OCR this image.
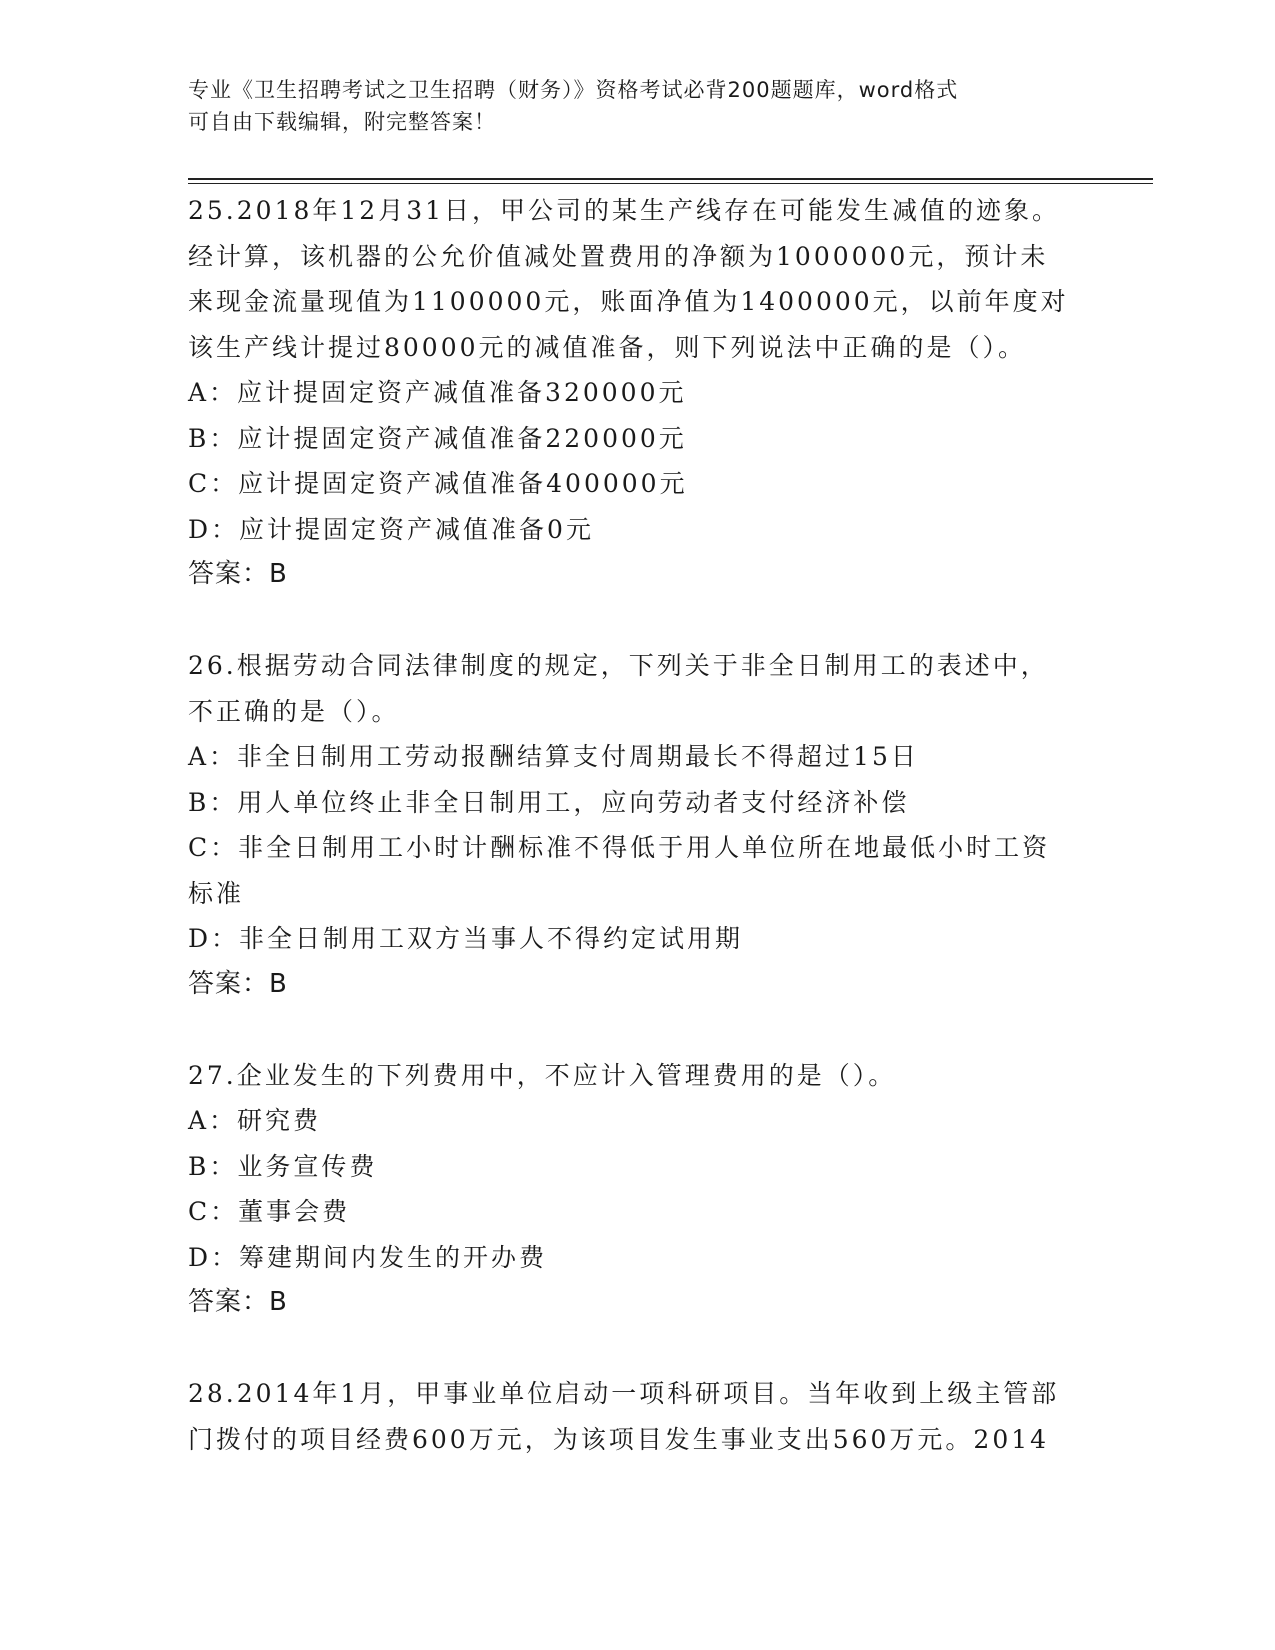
专业《卫生招聘考试之卫生招聘（财务）》资格考试必背200题题库，word格式
可自由下载编辑，附完整答案！
25.2018年12月31日，甲公司的某生产线存在可能发生减值的迹象。
经计算，该机器的公允价值减处置费用的净额为1000000元，预计未
来现金流量现值为1100000元，账面净值为1400000元，以前年度对
该生产线计提过80000元的减值准备，则下列说法中正确的是（）。
A：应计提固定资产减值准备320000元
B：应计提固定资产减值准备220000元
C：应计提固定资产减值准备400000元
D：应计提固定资产减值准备0元
答案：B
26.根据劳动合同法律制度的规定，下列关于非全日制用工的表述中，
不正确的是（）。
A：非全日制用工劳动报酬结算支付周期最长不得超过15日
B：用人单位终止非全日制用工，应向劳动者支付经济补偿
C：非全日制用工小时计酬标准不得低于用人单位所在地最低小时工资
标准
D：非全日制用工双方当事人不得约定试用期
答案：B
27.企业发生的下列费用中，不应计入管理费用的是（）。
A：研究费
B：业务宣传费
C：董事会费
D：筹建期间内发生的开办费
答案：B
28.2014年1月，甲事业单位启动一项科研项目。当年收到上级主管部
门拨付的项目经费600万元，为该项目发生事业支出560万元。2014
